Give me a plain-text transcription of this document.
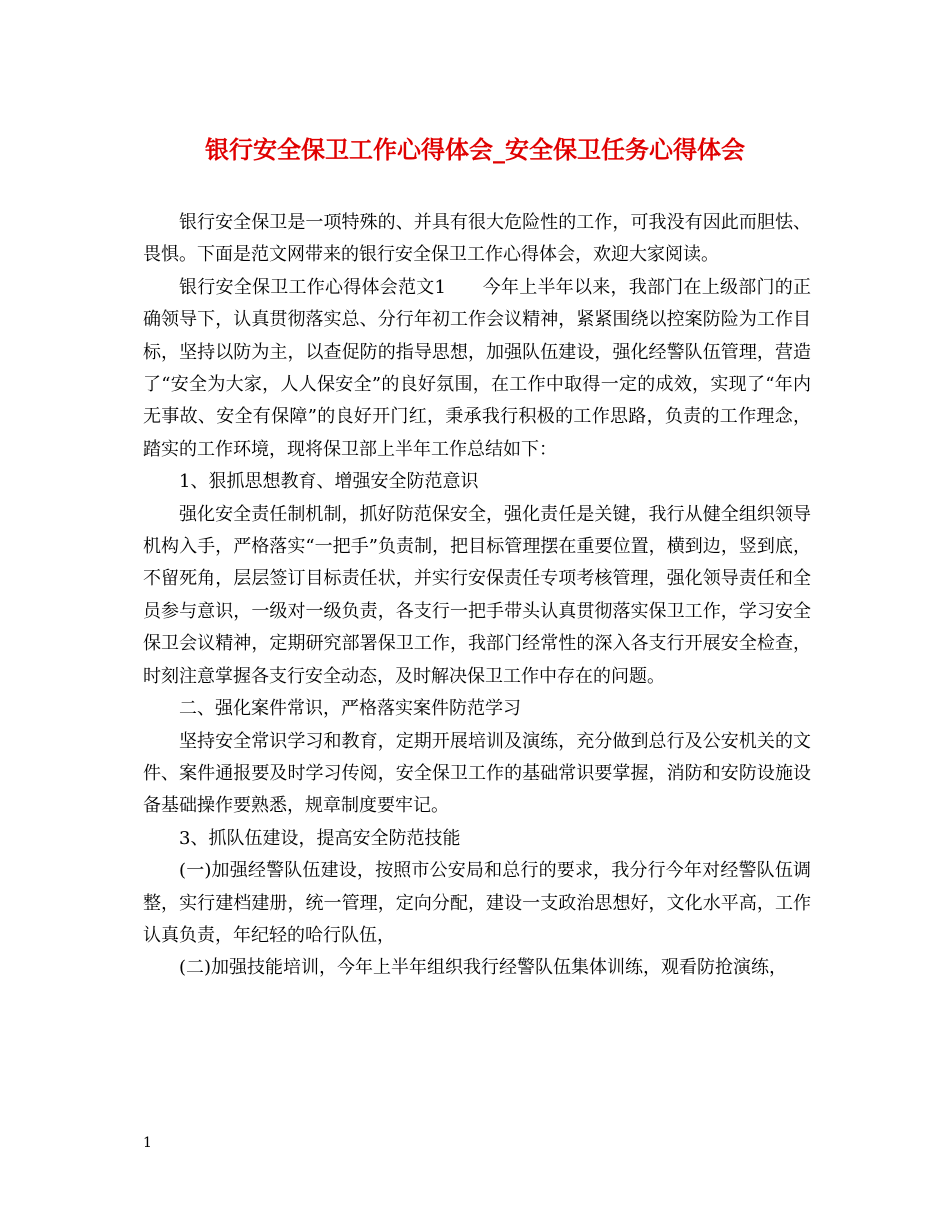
银行安全保卫工作心得体会_安全保卫任务心得体会

银行安全保卫是一项特殊的、并具有很大危险性的工作，可我没有因此而胆怯、畏惧。下面是范文网带来的银行安全保卫工作心得体会，欢迎大家阅读。

银行安全保卫工作心得体会范文1　　今年上半年以来，我部门在上级部门的正确领导下，认真贯彻落实总、分行年初工作会议精神，紧紧围绕以控案防险为工作目标，坚持以防为主，以查促防的指导思想，加强队伍建设，强化经警队伍管理，营造了“安全为大家，人人保安全”的良好氛围，在工作中取得一定的成效，实现了“年内无事故、安全有保障”的良好开门红，秉承我行积极的工作思路，负责的工作理念，踏实的工作环境，现将保卫部上半年工作总结如下：

1、狠抓思想教育、增强安全防范意识

强化安全责任制机制，抓好防范保安全，强化责任是关键，我行从健全组织领导机构入手，严格落实“一把手”负责制，把目标管理摆在重要位置，横到边，竖到底，不留死角，层层签订目标责任状，并实行安保责任专项考核管理，强化领导责任和全员参与意识，一级对一级负责，各支行一把手带头认真贯彻落实保卫工作，学习安全保卫会议精神，定期研究部署保卫工作，我部门经常性的深入各支行开展安全检查，时刻注意掌握各支行安全动态，及时解决保卫工作中存在的问题。

二、强化案件常识，严格落实案件防范学习

坚持安全常识学习和教育，定期开展培训及演练，充分做到总行及公安机关的文件、案件通报要及时学习传阅，安全保卫工作的基础常识要掌握，消防和安防设施设备基础操作要熟悉，规章制度要牢记。

3、抓队伍建设，提高安全防范技能

(一)加强经警队伍建设，按照市公安局和总行的要求，我分行今年对经警队伍调整，实行建档建册，统一管理，定向分配，建设一支政治思想好，文化水平高，工作认真负责，年纪轻的哈行队伍，

(二)加强技能培训，今年上半年组织我行经警队伍集体训练，观看防抢演练，

1
